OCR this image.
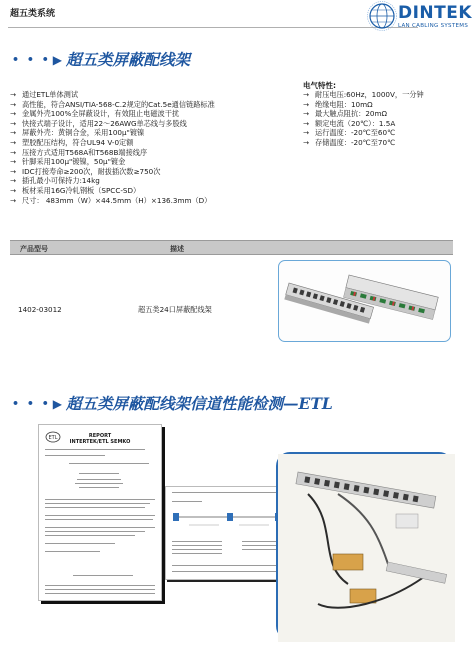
超五类系统	DINTEK
LAN CABLING SYSTEMS
• • • ▶ 超五类屏蔽配线架
→ 通过ETL单体测试
→ 高性能，符合ANSI/TIA-568-C.2规定的Cat.5e通信链路标准
→ 金属外壳100%全屏蔽设计，有效阻止电磁波干扰
→ 快接式端子设计，适用22～26AWG单芯线与多股线
→ 屏蔽外壳：黄铜合金，采用100μ"镀镍
→ 塑胶配压结构，符合UL94 V-0定额
→ 压接方式适用T568A和T568B端接线序
→ 针脚采用100μ"镀镍，50μ"镀金
→ IDC打接寿命≥200次，耐拔插次数≥750次
→ 插孔最小可保持力:14kg
→ 板材采用16G冷轧钢板（SPCC-SD）
→ 尺寸： 483mm（W）×44.5mm（H）×136.3mm（D）
电气特性:
→ 耐压电压:60Hz，1000V，一分钟
→ 绝缘电阻：10mΩ
→ 最大触点阻抗：20mΩ
→ 额定电流（20℃）：1.5A
→ 运行温度：-20℃至60℃
→ 存储温度：-20℃至70℃
产品型号	描述
1402-03012	超五类24口屏蔽配线架
• • • ▶ 超五类屏蔽配线架信道性能检测—ETL
ETL	REPORT
INTERTEK/ETL SEMKO
